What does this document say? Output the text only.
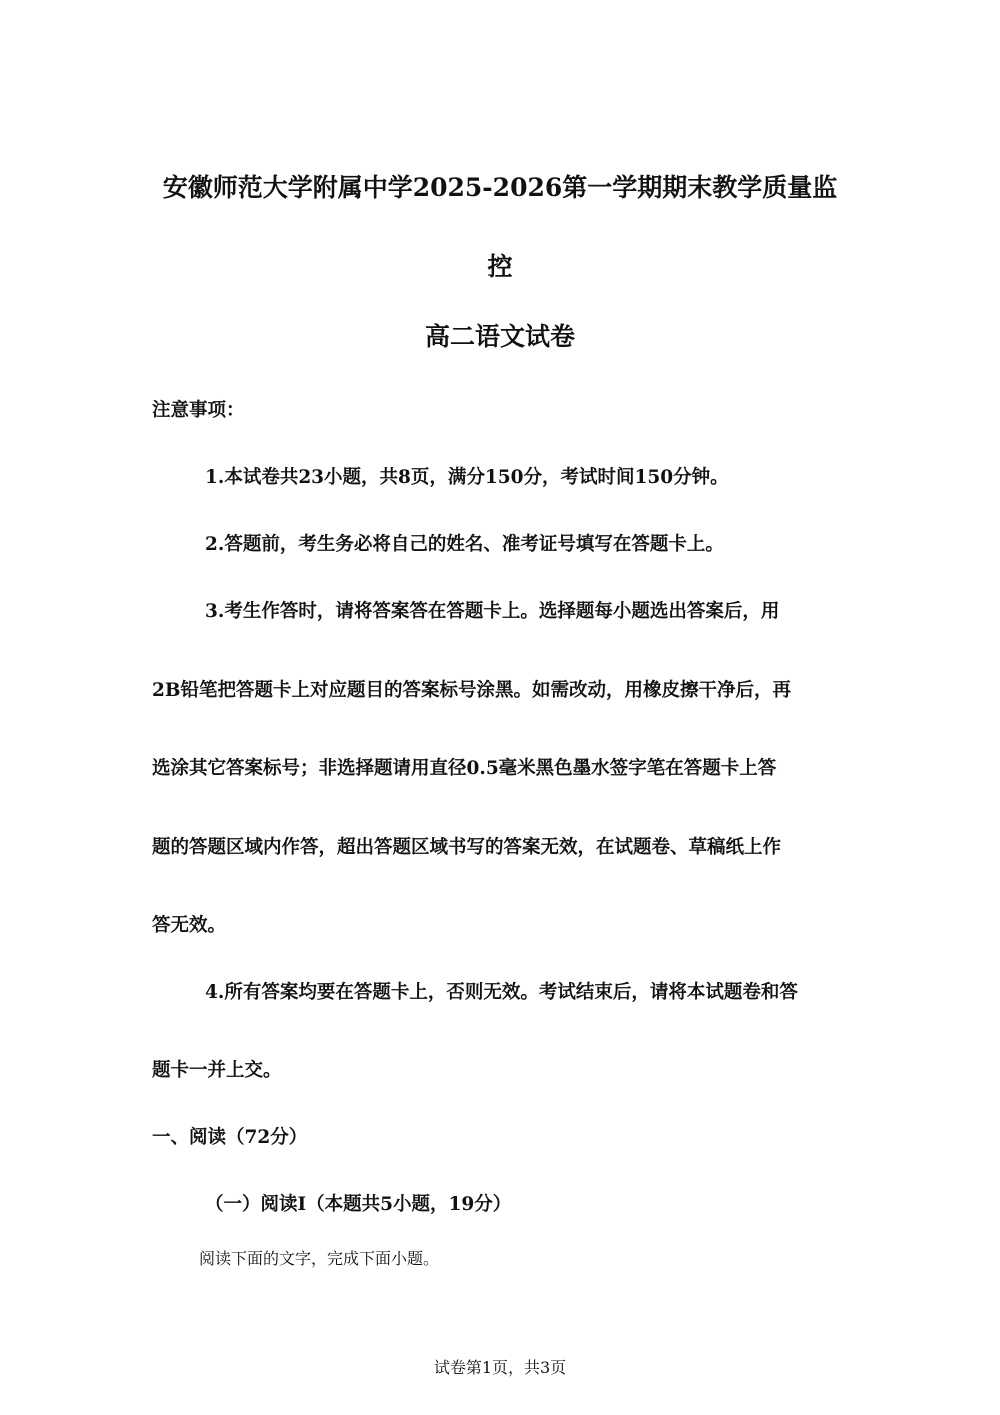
安徽师范大学附属中学2025-2026第一学期期末教学质量监
控
高二语文试卷

注意事项：

1.本试卷共23小题，共8页，满分150分，考试时间150分钟。

2.答题前，考生务必将自己的姓名、准考证号填写在答题卡上。

3.考生作答时，请将答案答在答题卡上。选择题每小题选出答案后，用

2B铅笔把答题卡上对应题目的答案标号涂黑。如需改动，用橡皮擦干净后，再

选涂其它答案标号；非选择题请用直径0.5毫米黑色墨水签字笔在答题卡上答

题的答题区域内作答，超出答题区域书写的答案无效，在试题卷、草稿纸上作

答无效。

4.所有答案均要在答题卡上，否则无效。考试结束后，请将本试题卷和答

题卡一并上交。

一、阅读（72分）

（一）阅读I（本题共5小题，19分）

阅读下面的文字，完成下面小题。

试卷第1页，共3页
